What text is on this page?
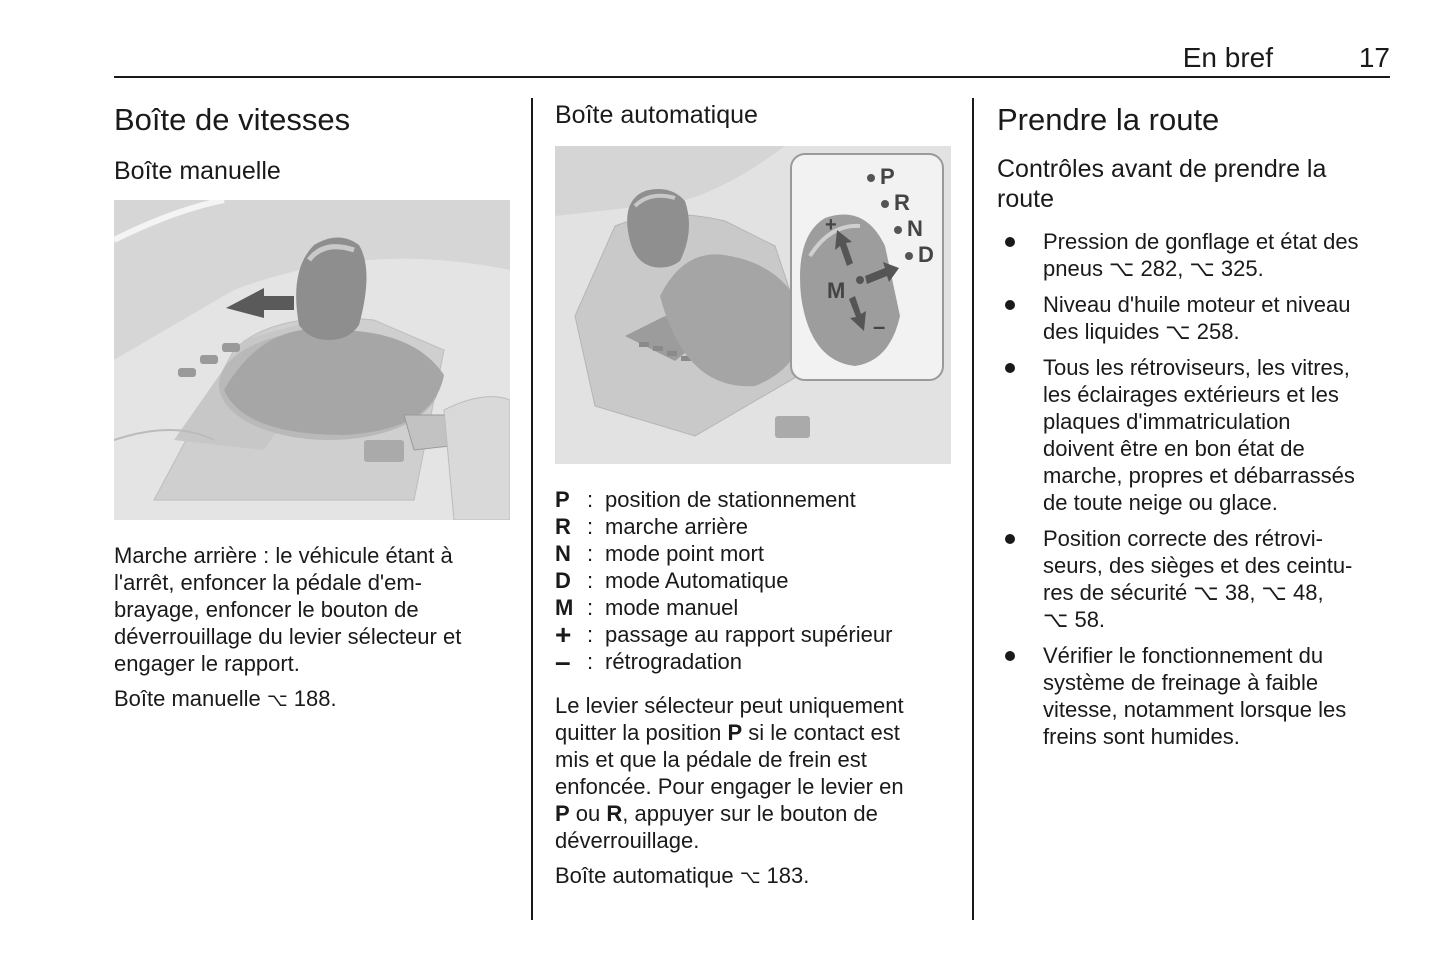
En bref	17
Boîte de vitesses
Boîte manuelle

Marche arrière : le véhicule étant à
l'arrêt, enfoncer la pédale d'em-
brayage, enfoncer le bouton de
déverrouillage du levier sélecteur et
engager le rapport.

Boîte manuelle ⌥ 188.

Boîte automatique
P
R
N
D
M
+
–
P : position de stationnement
R : marche arrière
N : mode point mort
D : mode Automatique
M : mode manuel
+ : passage au rapport supérieur
– : rétrogradation

Le levier sélecteur peut uniquement
quitter la position P si le contact est
mis et que la pédale de frein est
enfoncée. Pour engager le levier en
P ou R, appuyer sur le bouton de
déverrouillage.

Boîte automatique ⌥ 183.

Prendre la route
Contrôles avant de prendre la
route
Pression de gonflage et état des
pneus ⌥ 282, ⌥ 325.
Niveau d'huile moteur et niveau
des liquides ⌥ 258.
Tous les rétroviseurs, les vitres,
les éclairages extérieurs et les
plaques d'immatriculation
doivent être en bon état de
marche, propres et débarrassés
de toute neige ou glace.
Position correcte des rétrovi-
seurs, des sièges et des ceintu-
res de sécurité ⌥ 38, ⌥ 48,
⌥ 58.
Vérifier le fonctionnement du
système de freinage à faible
vitesse, notamment lorsque les
freins sont humides.
